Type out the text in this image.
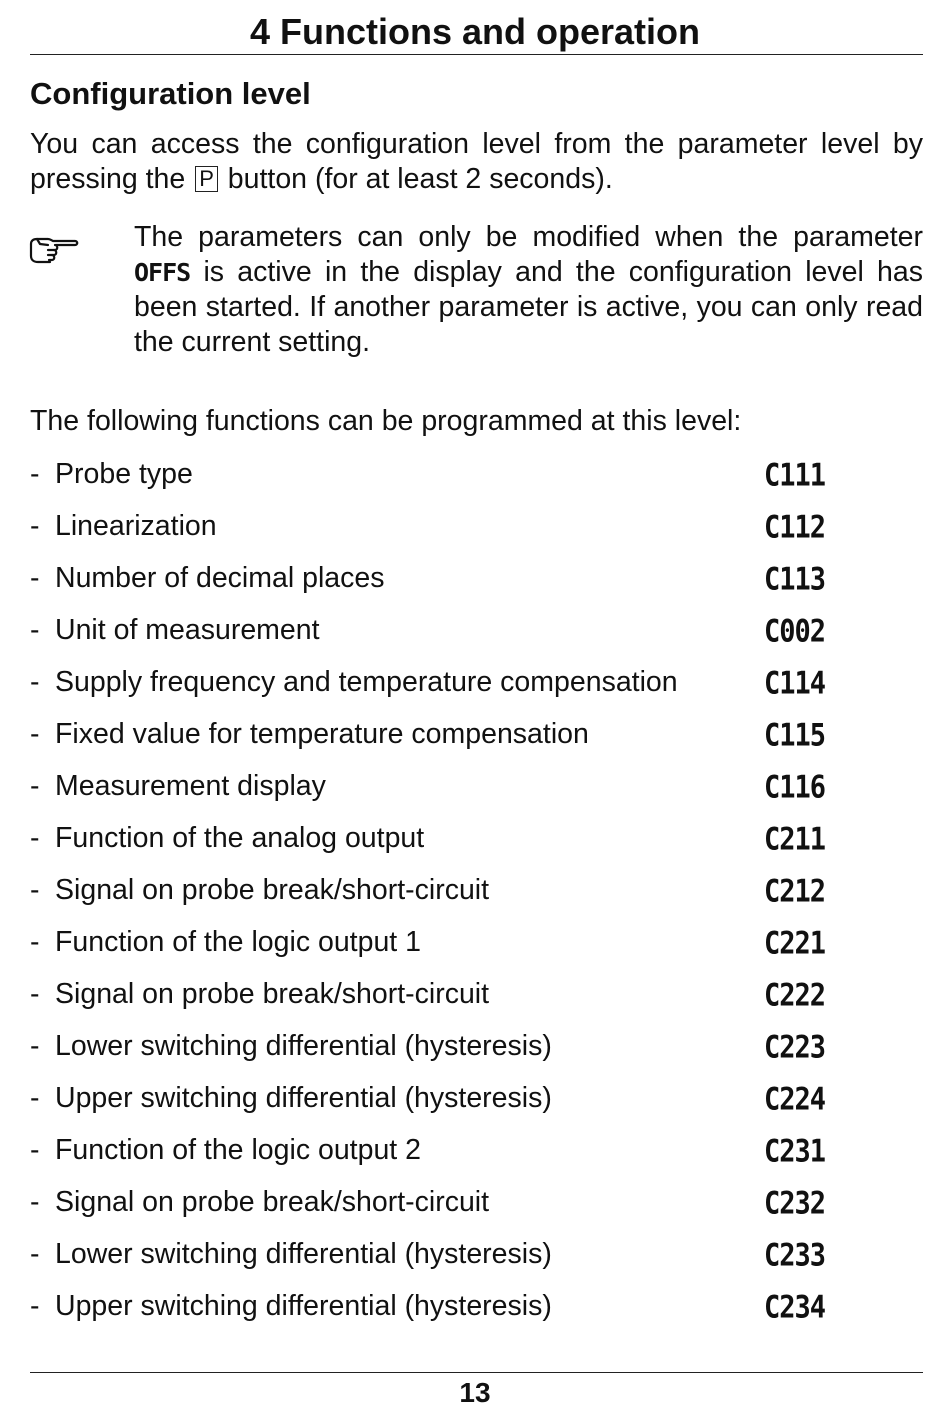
4 Functions and operation
Configuration level
You can access the configuration level from the parameter level by pressing the P button (for at least 2 seconds).
The parameters can only be modified when the parameter OFFS is active in the display and the configuration level has been started. If another parameter is active, you can only read the current setting.
The following functions can be programmed at this level:
- Probe type	C111
- Linearization	C112
- Number of decimal places	C113
- Unit of measurement	C002
- Supply frequency and temperature compensation	C114
- Fixed value for temperature compensation	C115
- Measurement display	C116
- Function of the analog output	C211
- Signal on probe break/short-circuit	C212
- Function of the logic output 1	C221
- Signal on probe break/short-circuit	C222
- Lower switching differential (hysteresis)	C223
- Upper switching differential (hysteresis)	C224
- Function of the logic output 2	C231
- Signal on probe break/short-circuit	C232
- Lower switching differential (hysteresis)	C233
- Upper switching differential (hysteresis)	C234
13
